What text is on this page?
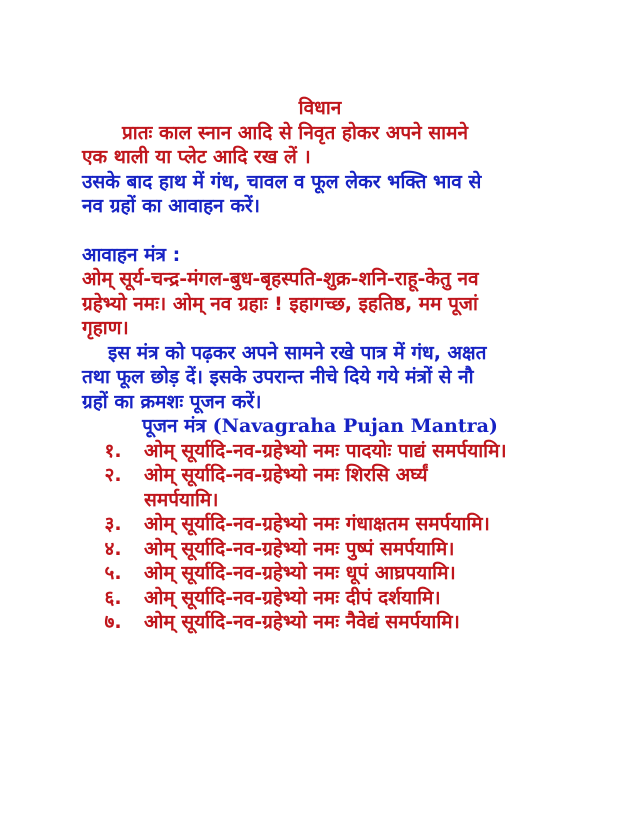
विधान
प्रातः काल स्नान आदि से निवृत होकर अपने सामने
एक थाली या प्लेट आदि रख लें ।
उसके बाद हाथ में गंध, चावल व फूल लेकर भक्ति भाव से
नव ग्रहों का आवाहन करें।
आवाहन मंत्र :
ओम् सूर्य-चन्द्र-मंगल-बुध-बृहस्पति-शुक्र-शनि-राहू-केतु नव
ग्रहेभ्यो नमः। ओम् नव ग्रहाः ! इहागच्छ, इहतिष्ठ, मम पूजां
गृहाण।
इस मंत्र को पढ़कर अपने सामने रखे पात्र में गंध, अक्षत
तथा फूल छोड़ दें। इसके उपरान्त नीचे दिये गये मंत्रों से नौ
ग्रहों का क्रमशः पूजन करें।
पूजन मंत्र (Navagraha Pujan Mantra)
१.	ओम् सूर्यादि-नव-ग्रहेभ्यो नमः पादयोः पाद्यं समर्पयामि।
२.	ओम् सूर्यादि-नव-ग्रहेभ्यो नमः शिरसि अर्घ्यं
समर्पयामि।
३.	ओम् सूर्यादि-नव-ग्रहेभ्यो नमः गंधाक्षतम समर्पयामि।
४.	ओम् सूर्यादि-नव-ग्रहेभ्यो नमः पुष्पं समर्पयामि।
५.	ओम् सूर्यादि-नव-ग्रहेभ्यो नमः धूपं आघ्रपयामि।
६.	ओम् सूर्यादि-नव-ग्रहेभ्यो नमः दीपं दर्शयामि।
७.	ओम् सूर्यादि-नव-ग्रहेभ्यो नमः नैवेद्यं समर्पयामि।
